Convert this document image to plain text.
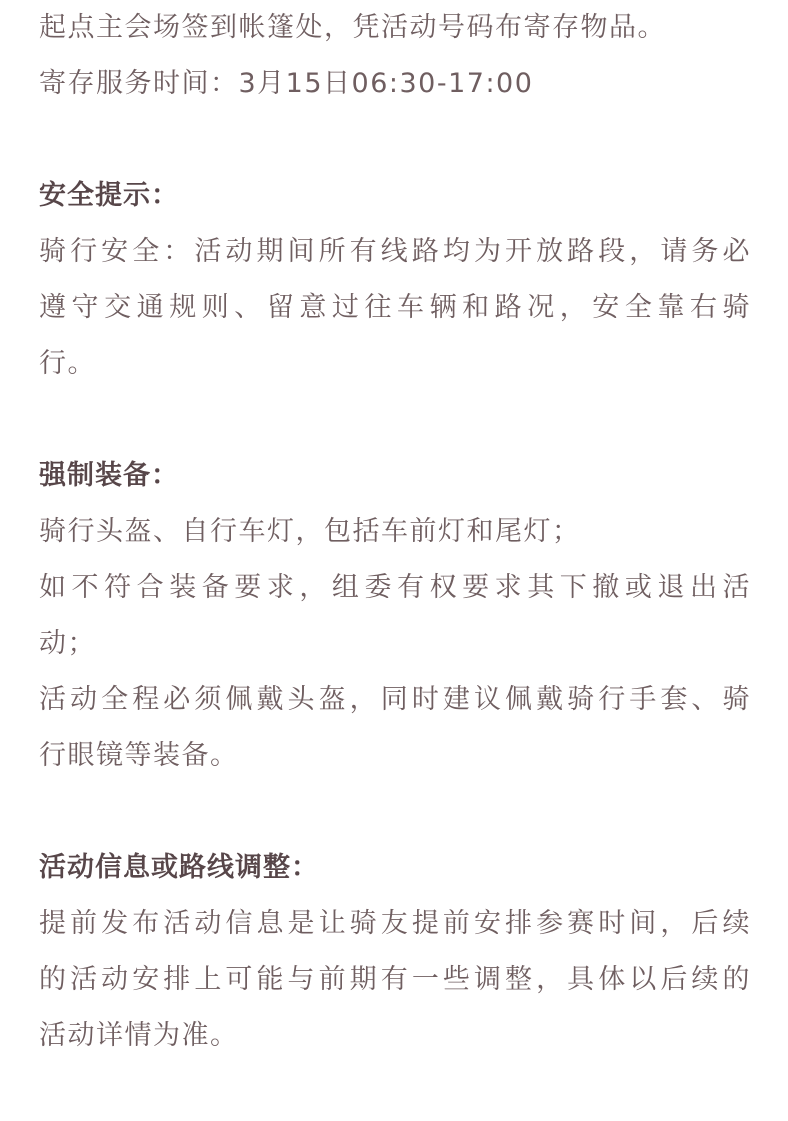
起点主会场签到帐篷处，凭活动号码布寄存物品。

寄存服务时间：3月15日06:30-17:00

安全提示：

骑行安全：活动期间所有线路均为开放路段，请务必

遵守交通规则、留意过往车辆和路况，安全靠右骑

行。

强制装备：

骑行头盔、自行车灯，包括车前灯和尾灯；

如不符合装备要求，组委有权要求其下撤或退出活

动；

活动全程必须佩戴头盔，同时建议佩戴骑行手套、骑

行眼镜等装备。

活动信息或路线调整：

提前发布活动信息是让骑友提前安排参赛时间，后续

的活动安排上可能与前期有一些调整，具体以后续的

活动详情为准。
